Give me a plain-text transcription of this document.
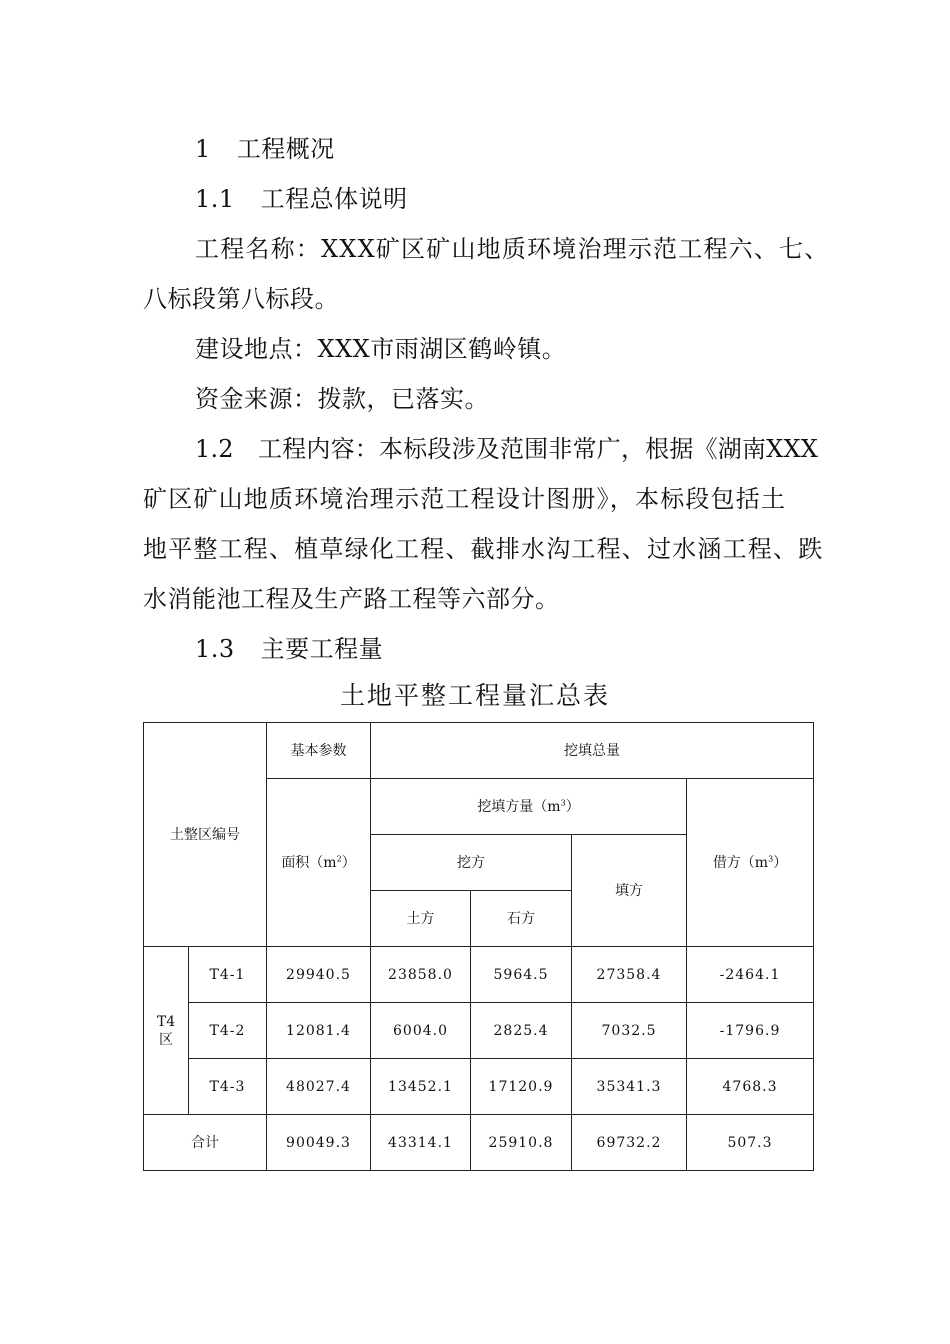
1 工程概况
1.1 工程总体说明
工程名称：XXX矿区矿山地质环境治理示范工程六、七、
八标段第八标段。
建设地点：XXX市雨湖区鹤岭镇。
资金来源：拨款，已落实。
1.2　工程内容：本标段涉及范围非常广，根据《湖南XXX
矿区矿山地质环境治理示范工程设计图册》，本标段包括土
地平整工程、植草绿化工程、截排水沟工程、过水涵工程、跌
水消能池工程及生产路工程等六部分。
1.3 主要工程量
土地平整工程量汇总表
土整区编号		基本参数	挖填总量			
		面积$(m^2)$	挖填方量$(m^3)$			借方$(m^3)$
			挖方		填方	
			土方	石方		
T4
区	T4-1	29940.5	23858.0	5964.5	27358.4	-2464.1
	T4-2	12081.4	6004.0	2825.4	7032.5	-1796.9
	T4-3	48027.4	13452.1	17120.9	35341.3	4768.3
合计		90049.3	43314.1	25910.8	69732.2	507.3
